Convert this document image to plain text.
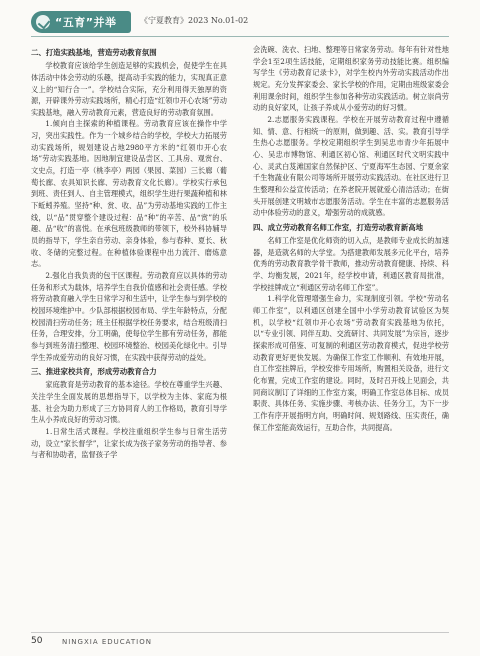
“五育”并举	《宁夏教育》2023 No.01-02
二、打造实践基地，营造劳动教育氛围

学校教育应该给学生创造足够的实践机会，促使学生在具体活动中体会劳动的乐趣，提高动手实践的能力，实现真正意义上的“知行合一”。学校结合实际，充分利用得天独厚的资源，开辟课外劳动实践场所，精心打造“红领巾开心农场”劳动实践基地，融入劳动教育元素，营造良好的劳动教育氛围。

1.倾向自主探索的种植课程。劳动教育应该在操作中学习，突出实践性。作为一个城乡结合的学校，学校大力拓展劳动实践场所，规划建设占地2980平方米的“红领巾开心农场”劳动实践基地。因地制宜建设品尝区、工具房、观赏台、文史点，打造一亭（桃李亭）两园（果园、菜园）三长廊（葡萄长廊、农具知识长廊、劳动教育文化长廊）。学校实行承包到班、责任到人、自主管理模式，组织学生进行果蔬种植和林下蚯蚓养殖。坚持“种、赏、收、品”为劳动基地实践的工作主线，以“品”贯穿整个建设过程：品“种”的辛苦、品“赏”的乐趣、品“收”的喜悦。在承包班级教师的带领下，校外科协辅导员的指导下，学生亲自劳动、亲身体验，参与春种、夏长、秋收、冬储的完整过程。在种植体验课程中出力流汗、磨炼意志。

2.强化自我负责的包干区课程。劳动教育应以具体的劳动任务和形式为载体，培养学生自我价值感和社会责任感。学校将劳动教育融入学生日常学习和生活中，让学生参与到学校的校园环境维护中。少队部根据校园布局、学生年龄特点，分配校园清扫劳动任务；班主任根据学校任务要求，结合班级清扫任务，合理安排，分工明确，使每位学生都有劳动任务，都能参与到班务清扫整理、校园环境整治、校园美化绿化中。引导学生养成爱劳动的良好习惯，在实践中获得劳动的益处。

三、推进家校共育，形成劳动教育合力

家庭教育是劳动教育的基本途径。学校在尊重学生兴趣、关注学生全面发展的思想指导下，以学校为主体、家庭为根基、社会为助力形成了三方协同育人的工作格局，教育引导学生从小养成良好的劳动习惯。

1.日常生活式课程。学校注重组织学生参与日常生活劳动，设立“家长督学”，让家长成为孩子家务劳动的指导者、参与者和协助者，监督孩子学

会洗碗、洗衣、扫地、整理等日常家务劳动。每年有针对性地学会1至2项生活技能，定期组织家务劳动技能比赛。组织编写学生《劳动教育记录卡》，对学生校内外劳动实践活动作出规定。充分发挥家委会、家长学校的作用，定期由班级家委会利用课余时间，组织学生参加各种劳动实践活动。树立崇尚劳动的良好家风，让孩子养成从小爱劳动的好习惯。

2.志愿服务实践课程。学校在开展劳动教育过程中遵循知、情、意、行相统一的原则，做到趣、活、实。教育引导学生热心志愿服务。学校定期组织学生到吴忠市青少年拓展中心、吴忠市博物馆、利通区初心馆、利通区时代文明实践中心、灵武白芨滩国家自然保护区、宁夏海军生态园、宁夏余家千生物蔬业有限公司等场所开展劳动实践活动。在社区进行卫生整理和公益宣传活动；在养老院开展就爱心清洁活动；在街头开展创建文明城市志愿服务活动。学生在丰富的志愿服务活动中体验劳动的意义，增强劳动的成就感。

四、成立劳动教育名师工作室，打造劳动教育新高地

名师工作室是优化师资的切入点，是教师专业成长的加速器，是造就名师的大学堂。为搭建教师发展多元化平台，培养优秀的劳动教育教学骨干教师，推动劳动教育健康、持续、科学、均衡发展，2021年，经学校申请，利通区教育局批准，学校挂牌成立“利通区劳动名师工作室”。

1.科学化管理增强生命力，实现制度引领。学校“劳动名师工作室”，以利通区创建全国中小学劳动教育试验区为契机，以学校“红领巾开心农场”劳动教育实践基地为依托，以“专业引领、同伴互助、交流研讨、共同发展”为宗旨，逐步探索形成可借鉴、可复制的利通区劳动教育模式，促进学校劳动教育更好更快发展。为确保工作室工作顺利、有效地开展，自工作室挂牌后，学校安排专用场所，购置相关设备，进行文化布置，完成工作室的建设。同时，及时召开线上见面会，共同商议制订了详细的工作室方案，明确工作室总体目标、成员职责、具体任务、实施步骤、考核办法、任务分工，为下一步工作有序开展指明方向，明确时间、规划路线、压实责任，确保工作室能高效运行，互助合作，共同提高。

50	NINGXIA EDUCATION
